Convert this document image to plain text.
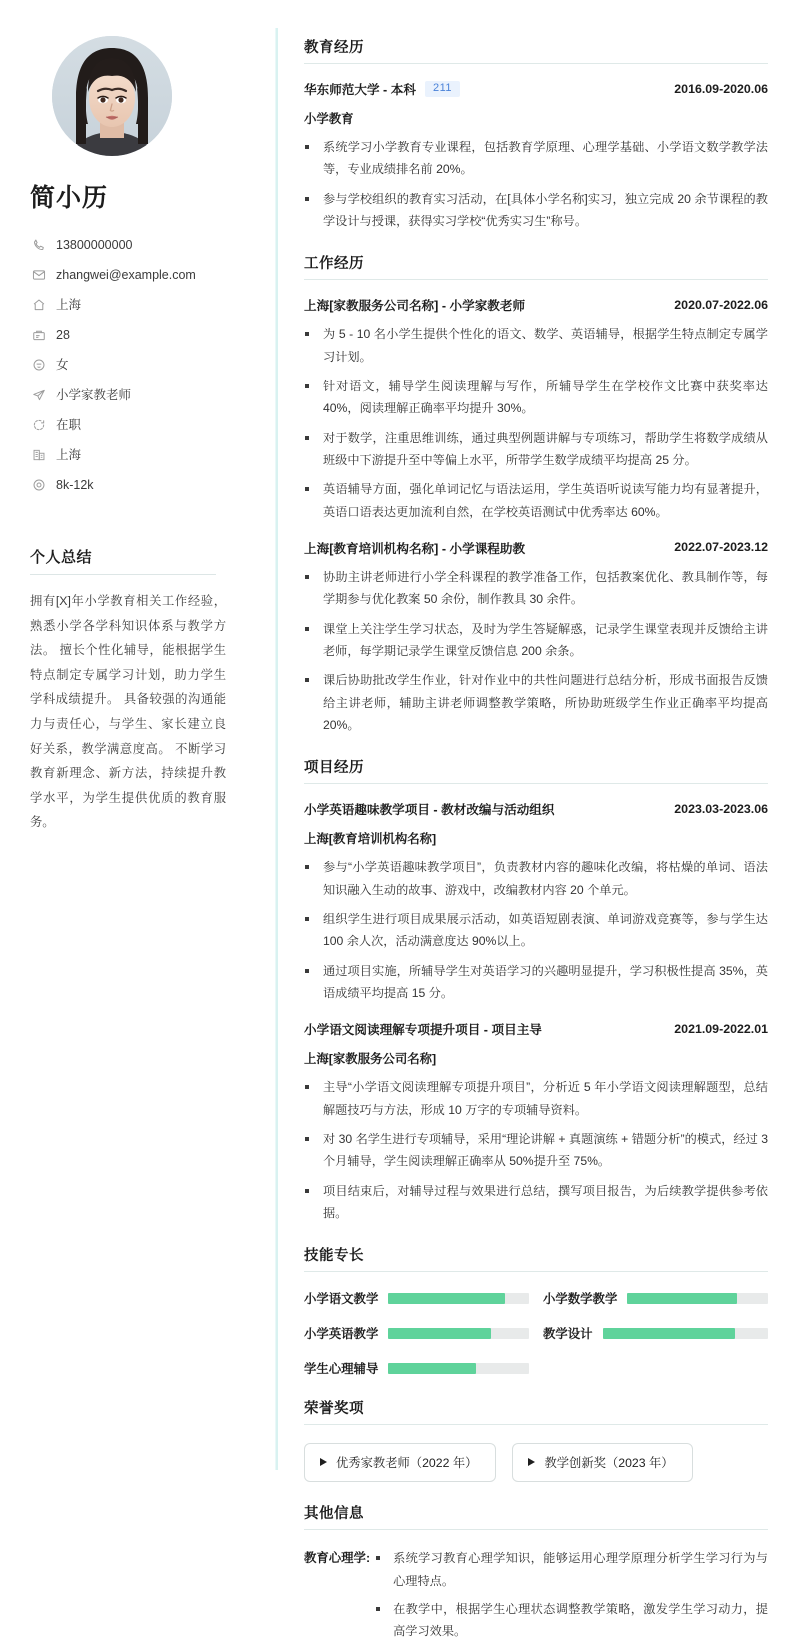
简小历
13800000000
zhangwei@example.com
上海
28
女
小学家教老师
在职
上海
8k-12k
个人总结

拥有[X]年小学教育相关工作经验，熟悉小学各学科知识体系与教学方法。 擅长个性化辅导，能根据学生特点制定专属学习计划，助力学生学科成绩提升。 具备较强的沟通能力与责任心，与学生、家长建立良好关系，教学满意度高。 不断学习教育新理念、新方法，持续提升教学水平，为学生提供优质的教育服务。

教育经历
华东师范大学 - 本科	211	2016.09-2020.06
小学教育
系统学习小学教育专业课程，包括教育学原理、心理学基础、小学语文数学教学法等，专业成绩排名前 20%。
参与学校组织的教育实习活动，在[具体小学名称]实习，独立完成 20 余节课程的教学设计与授课，获得实习学校“优秀实习生”称号。
工作经历
上海[家教服务公司名称] - 小学家教老师	2020.07-2022.06
为 5 - 10 名小学生提供个性化的语文、数学、英语辅导，根据学生特点制定专属学习计划。
针对语文，辅导学生阅读理解与写作，所辅导学生在学校作文比赛中获奖率达 40%，阅读理解正确率平均提升 30%。
对于数学，注重思维训练，通过典型例题讲解与专项练习，帮助学生将数学成绩从班级中下游提升至中等偏上水平，所带学生数学成绩平均提高 25 分。
英语辅导方面，强化单词记忆与语法运用，学生英语听说读写能力均有显著提升，英语口语表达更加流利自然，在学校英语测试中优秀率达 60%。
上海[教育培训机构名称] - 小学课程助教	2022.07-2023.12
协助主讲老师进行小学全科课程的教学准备工作，包括教案优化、教具制作等，每学期参与优化教案 50 余份，制作教具 30 余件。
课堂上关注学生学习状态，及时为学生答疑解惑，记录学生课堂表现并反馈给主讲老师，每学期记录学生课堂反馈信息 200 余条。
课后协助批改学生作业，针对作业中的共性问题进行总结分析，形成书面报告反馈给主讲老师，辅助主讲老师调整教学策略，所协助班级学生作业正确率平均提高 20%。
项目经历
小学英语趣味教学项目 - 教材改编与活动组织	2023.03-2023.06
上海[教育培训机构名称]
参与“小学英语趣味教学项目”，负责教材内容的趣味化改编，将枯燥的单词、语法知识融入生动的故事、游戏中，改编教材内容 20 个单元。
组织学生进行项目成果展示活动，如英语短剧表演、单词游戏竞赛等，参与学生达 100 余人次，活动满意度达 90%以上。
通过项目实施，所辅导学生对英语学习的兴趣明显提升，学习积极性提高 35%，英语成绩平均提高 15 分。
小学语文阅读理解专项提升项目 - 项目主导	2021.09-2022.01
上海[家教服务公司名称]
主导“小学语文阅读理解专项提升项目”，分析近 5 年小学语文阅读理解题型，总结解题技巧与方法，形成 10 万字的专项辅导资料。
对 30 名学生进行专项辅导，采用“理论讲解 + 真题演练 + 错题分析”的模式，经过 3 个月辅导，学生阅读理解正确率从 50%提升至 75%。
项目结束后，对辅导过程与效果进行总结，撰写项目报告，为后续教学提供参考依据。
技能专长
小学语文教学	小学数学教学
小学英语教学	教学设计
学生心理辅导
荣誉奖项
优秀家教老师（2022 年）	教学创新奖（2023 年）
其他信息
教育心理学:	系统学习教育心理学知识，能够运用心理学原理分析学生学习行为与心理特点。
在教学中，根据学生心理状态调整教学策略，激发学生学习动力，提高学习效果。
